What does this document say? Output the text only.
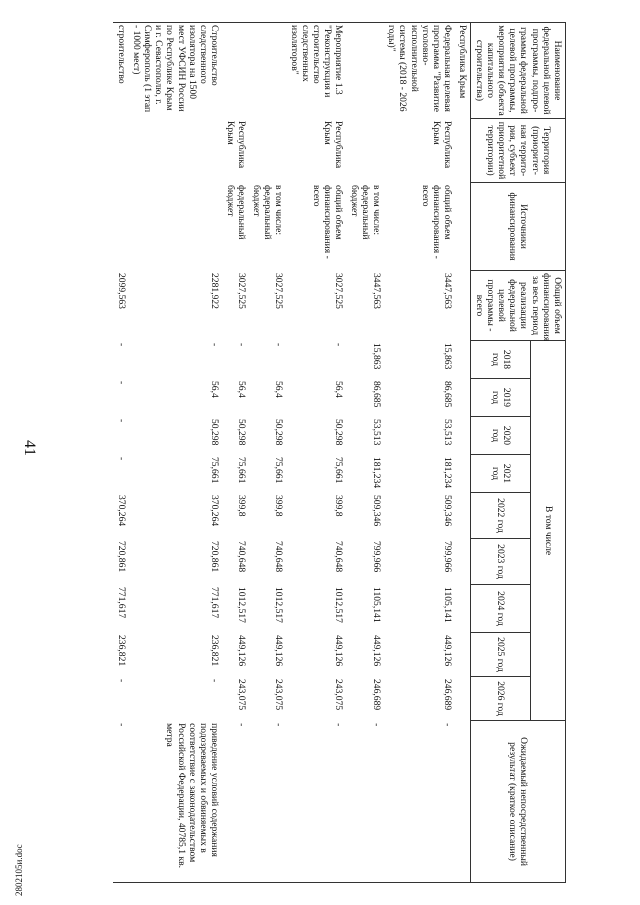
41
2802105и.doc
Наименование федеральной целевой программы, подпро-граммы федеральной целевой программы, мероприятия (объекта капитального строительства)	Территория (приоритет-ная террито-рия, субъект приоритетной территории)	Источники финансирования	Общий объем финансирования за весь период реализации федеральной целевой программы - всего	В том числе									Ожидаемый непосредственный результат (краткое описание)
				2018 год	2019 год	2020 год	2021 год	2022 год	2023 год	2024 год	2025 год	2026 год	
Республика Крым													
Федеральная целевая программа "Развитие уголовно-исполнительной системы (2018 - 2026 годы)"	Республика Крым	общий объем финансирования - всего	3447,563	15,863	86,685	53,513	181,234	509,346	799,966	1105,141	449,126	246,689	-
		в том числе: федеральный бюджет	3447,563	15,863	86,685	53,513	181,234	509,346	799,966	1105,141	449,126	246,689	-
Мероприятие 1.3 "Реконструкция и строительство следственных изоляторов"	Республика Крым	общий объем финансирования - всего	3027,525	-	56,4	50,298	75,661	399,8	740,648	1012,517	449,126	243,075	-
		в том числе: федеральный бюджет	3027,525	-	56,4	50,298	75,661	399,8	740,648	1012,517	449,126	243,075	-
	Республика Крым	федеральный бюджет	3027,525	-	56,4	50,298	75,661	399,8	740,648	1012,517	449,126	243,075	-
Строительство следственного изолятора на 1500 мест УФСИН России по Республике Крым и г. Севастополю, г. Симферополь (1 этап - 1000 мест)			2281,922	-	56,4	50,298	75,661	370,264	720,861	771,617	236,821	-	приведение условий содержания подозреваемых и обвиняемых в соответствие с законодательством Российской Федерации, 40785,1 кв. метра
строительство			2099,563	-	-	-	-	370,264	720,861	771,617	236,821	-	-
